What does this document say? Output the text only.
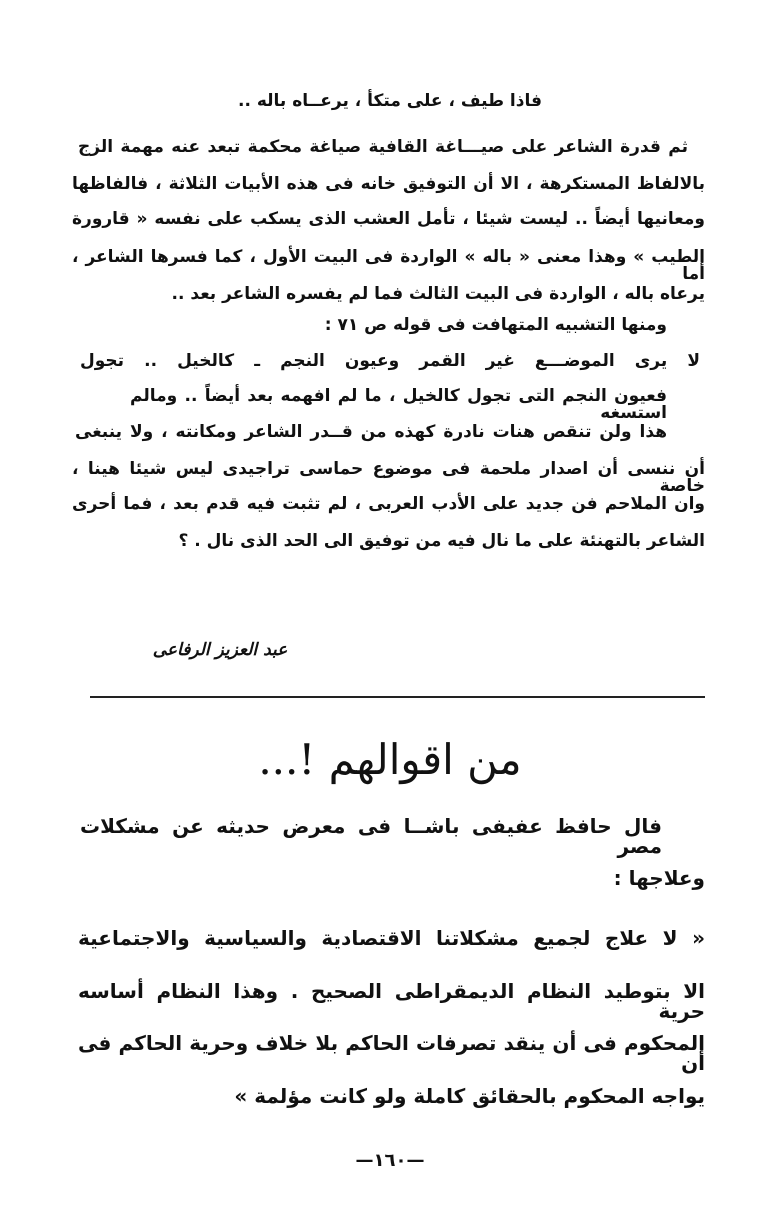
فاذا طيف ، على متكأ ، يرعــاه باله ..
ثم قدرة الشاعر على صيـــاغة القافية صياغة محكمة تبعد عنه مهمة الزج
بالالفاظ المستكرهة ، الا أن التوفيق خانه فى هذه الأبيات الثلاثة ، فالفاظها
ومعانيها أيضاً .. ليست شيئا ، تأمل العشب الذى يسكب على نفسه « قارورة
الطيب » وهذا معنى « باله » الواردة فى البيت الأول ، كما فسرها الشاعر ، أما
يرعاه باله ، الواردة فى البيت الثالث فما لم يفسره الشاعر بعد ..
ومنها التشبيه المتهافت فى قوله ص ٧١ :
لا يرى الموضـــع غير القمر وعيون النجم ـ كالخيل .. تجول
فعيون النجم التى تجول كالخيل ، ما لم افهمه بعد أيضاً .. ومالم استسغه
هذا ولن تنقص هنات نادرة كهذه من قــدر الشاعر ومكانته ، ولا ينبغى
أن ننسى أن اصدار ملحمة فى موضوع حماسى تراجيدى ليس شيئا هينا ، خاصة
وان الملاحم فن جديد على الأدب العربى ، لم تثبت فيه قدم بعد ، فما أحرى
الشاعر بالتهنئة على ما نال فيه من توفيق الى الحد الذى نال . ؟
عبد العزيز الرفاعى
من اقوالهم !...
فال حافظ عفيفى باشــا فى معرض حديثه عن مشكلات مصر
وعلاجها :
« لا علاج لجميع مشكلاتنا الاقتصادية والسياسية والاجتماعية
الا بتوطيد النظام الديمقراطى الصحيح . وهذا النظام أساسه حرية
المحكوم فى أن ينقد تصرفات الحاكم بلا خلاف وحرية الحاكم فى أن
يواجه المحكوم بالحقائق كاملة ولو كانت مؤلمة »
—١٦٠—
